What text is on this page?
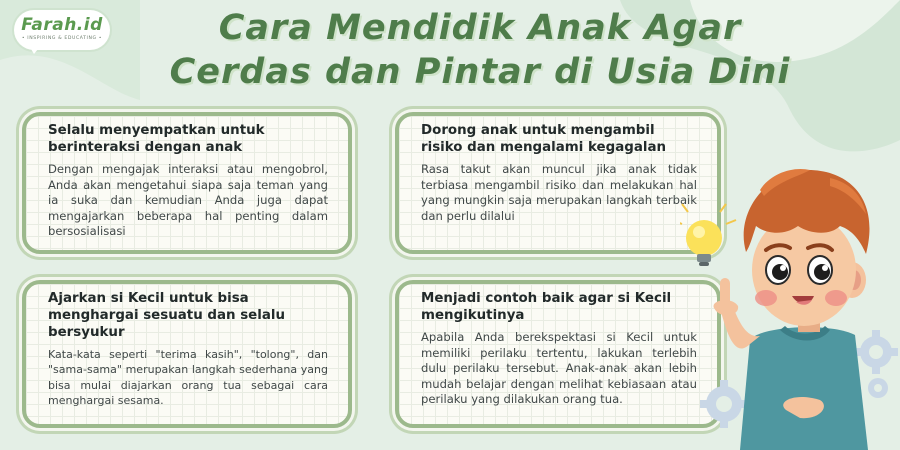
Farah.id
• INSPIRING & EDUCATING •	Cara Mendidik Anak Agar
Cerdas dan Pintar di Usia Dini
Selalu menyempatkan untuk berinteraksi dengan anak

Dengan mengajak interaksi atau mengobrol, Anda akan mengetahui siapa saja teman yang ia suka dan kemudian Anda juga dapat mengajarkan beberapa hal penting dalam bersosialisasi

Dorong anak untuk mengambil risiko dan mengalami kegagalan

Rasa takut akan muncul jika anak tidak terbiasa mengambil risiko dan melakukan hal yang mungkin saja merupakan langkah terbaik dan perlu dilalui

Ajarkan si Kecil untuk bisa menghargai sesuatu dan selalu bersyukur

Kata-kata seperti "terima kasih", "tolong", dan "sama-sama" merupakan langkah sederhana yang bisa mulai diajarkan orang tua sebagai cara menghargai sesama.

Menjadi contoh baik agar si Kecil mengikutinya

Apabila Anda berekspektasi si Kecil untuk memiliki perilaku tertentu, lakukan terlebih dulu perilaku tersebut. Anak-anak akan lebih mudah belajar dengan melihat kebiasaan atau perilaku yang dilakukan orang tua.
